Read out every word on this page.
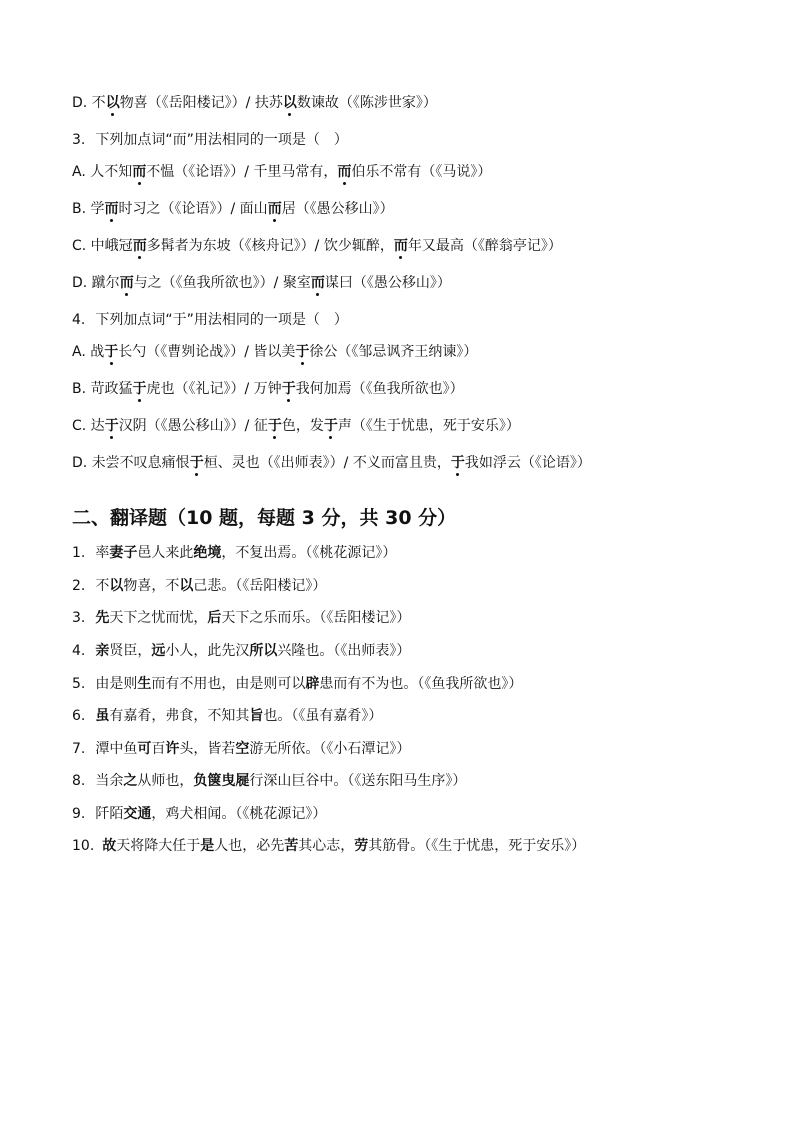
D. 不以物喜（《岳阳楼记》）/ 扶苏以数谏故（《陈涉世家》）
3. 下列加点词“而”用法相同的一项是（　）
A. 人不知而不愠（《论语》）/ 千里马常有，而伯乐不常有（《马说》）
B. 学而时习之（《论语》）/ 面山而居（《愚公移山》）
C. 中峨冠而多髯者为东坡（《核舟记》）/ 饮少辄醉，而年又最高（《醉翁亭记》）
D. 蹴尔而与之（《鱼我所欲也》）/ 聚室而谋曰（《愚公移山》）
4. 下列加点词“于”用法相同的一项是（　）
A. 战于长勺（《曹刿论战》）/ 皆以美于徐公（《邹忌讽齐王纳谏》）
B. 苛政猛于虎也（《礼记》）/ 万钟于我何加焉（《鱼我所欲也》）
C. 达于汉阴（《愚公移山》）/ 征于色，发于声（《生于忧患，死于安乐》）
D. 未尝不叹息痛恨于桓、灵也（《出师表》）/ 不义而富且贵，于我如浮云（《论语》）
二、翻译题（10 题，每题 3 分，共 30 分）
1. 率妻子邑人来此绝境，不复出焉。（《桃花源记》）
2. 不以物喜，不以己悲。（《岳阳楼记》）
3. 先天下之忧而忧，后天下之乐而乐。（《岳阳楼记》）
4. 亲贤臣，远小人，此先汉所以兴隆也。（《出师表》）
5. 由是则生而有不用也，由是则可以辟患而有不为也。（《鱼我所欲也》）
6. 虽有嘉肴，弗食，不知其旨也。（《虽有嘉肴》）
7. 潭中鱼可百许头，皆若空游无所依。（《小石潭记》）
8. 当余之从师也，负箧曳屣行深山巨谷中。（《送东阳马生序》）
9. 阡陌交通，鸡犬相闻。（《桃花源记》）
10. 故天将降大任于是人也，必先苦其心志，劳其筋骨。（《生于忧患，死于安乐》）
